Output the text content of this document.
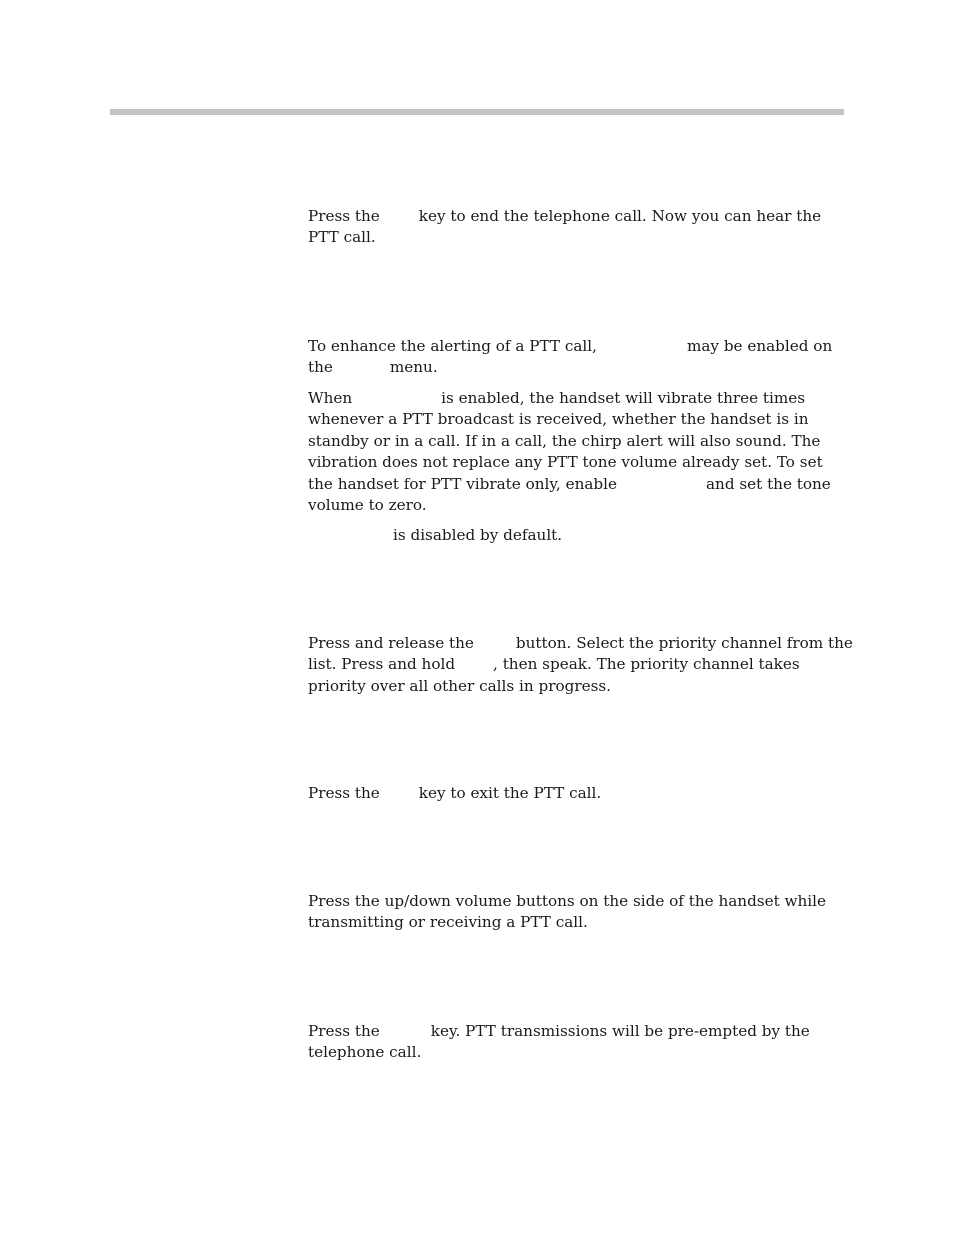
Press the	key to end the telephone call. Now you can hear the
PTT call.

To enhance the alerting of a PTT call,	may be enabled on
the	menu.

When	is enabled, the handset will vibrate three times
whenever a PTT broadcast is received, whether the handset is in
standby or in a call. If in a call, the chirp alert will also sound. The
vibration does not replace any PTT tone volume already set. To set
the handset for PTT vibrate only, enable	and set the tone
volume to zero.

is disabled by default.

Press and release the	button. Select the priority channel from the
list. Press and hold	, then speak. The priority channel takes
priority over all other calls in progress.

Press the	key to exit the PTT call.

Press the up/down volume buttons on the side of the handset while
transmitting or receiving a PTT call.

Press the	key. PTT transmissions will be pre-empted by the
telephone call.
